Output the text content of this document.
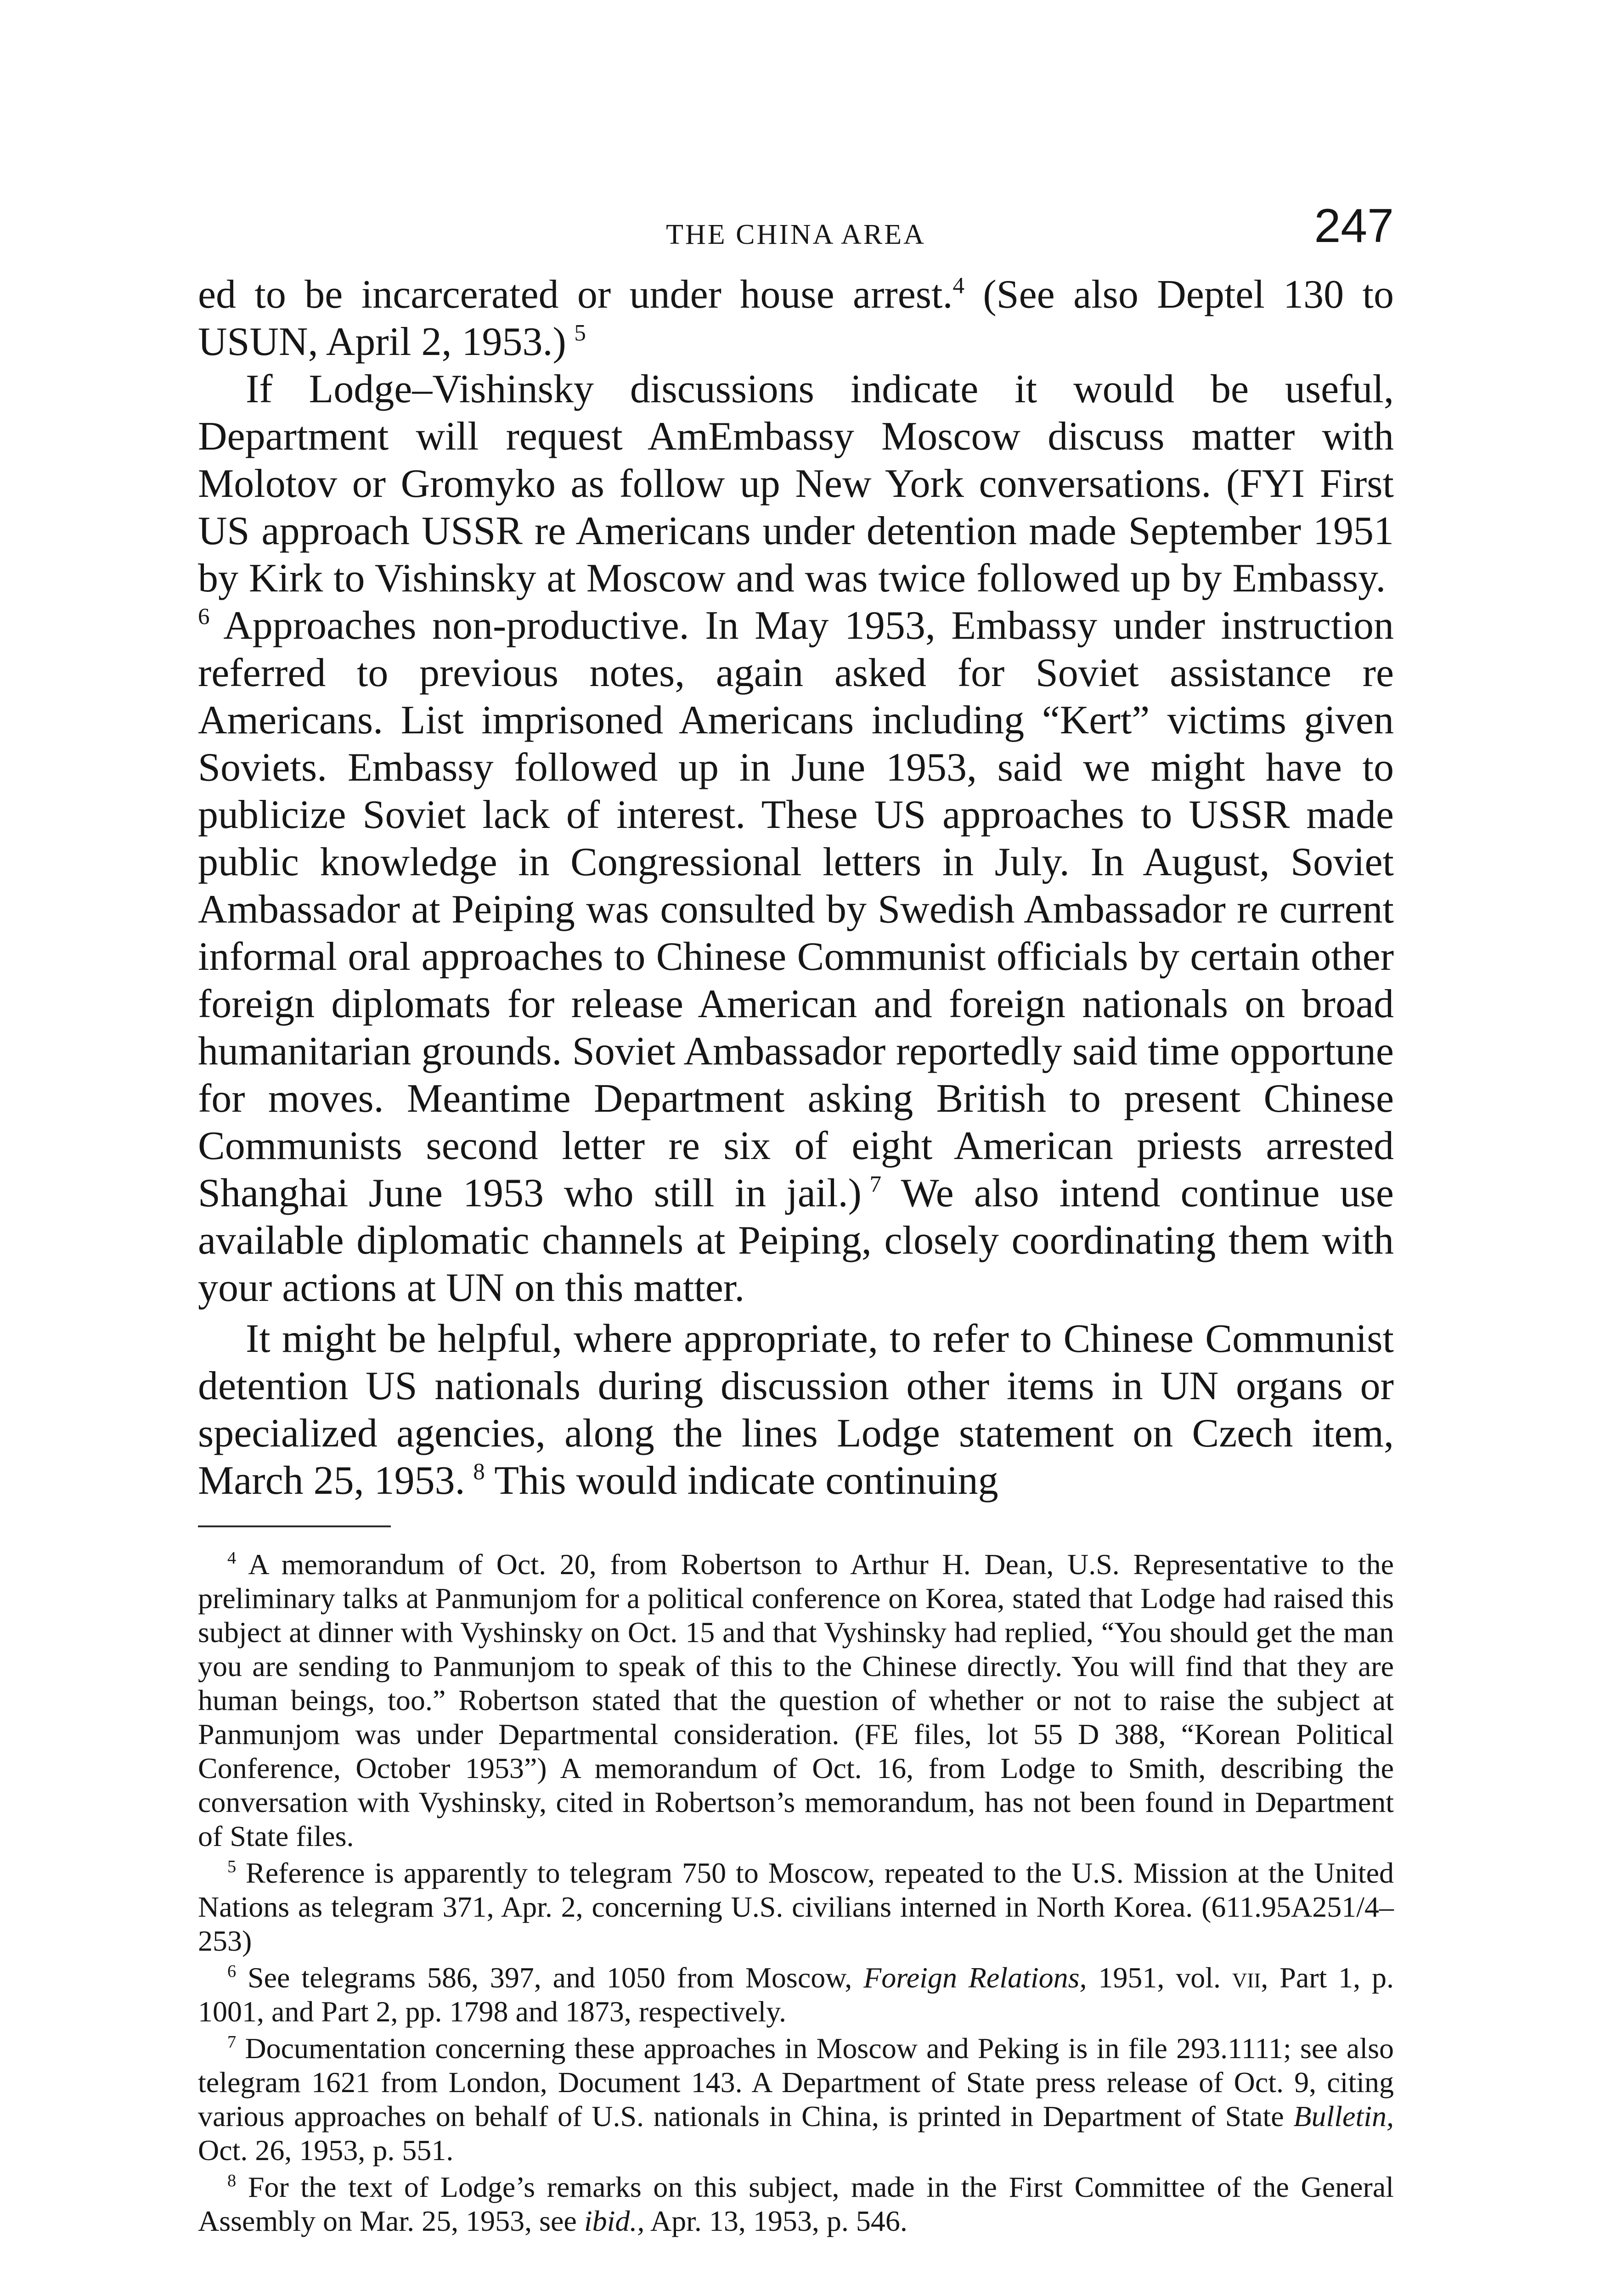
THE CHINA AREA	247

ed to be incarcerated or under house arrest.$^4$ (See also Deptel 130 to USUN, April 2, 1953.)  $^5$

If Lodge–Vishinsky discussions indicate it would be useful, Department will request AmEmbassy Moscow discuss matter with Molotov or Gromyko as follow up New York conversations. (FYI First US approach USSR re Americans under detention made September 1951 by Kirk to Vishinsky at Moscow and was twice followed up by Embassy. $^6$ Approaches non-productive. In May 1953, Embassy under instruction referred to previous notes, again asked for Soviet assistance re Americans. List imprisoned Americans including “Kert” victims given Soviets. Embassy followed up in June 1953, said we might have to publicize Soviet lack of interest. These US approaches to USSR made public knowledge in Congressional letters in July. In August, Soviet Ambassador at Peiping was consulted by Swedish Ambassador re current informal oral approaches to Chinese Communist officials by certain other foreign diplomats for release American and foreign nationals on broad humanitarian grounds. Soviet Ambassador reportedly said time opportune for moves. Meantime Department asking British to present Chinese Communists second letter re six of eight American priests arrested Shanghai June 1953 who still in jail.)  $^7$ We also intend continue use available diplomatic channels at Peiping, closely coordinating them with your actions at UN on this matter.

It might be helpful, where appropriate, to refer to Chinese Communist detention US nationals during discussion other items in UN organs or specialized agencies, along the lines Lodge statement on Czech item, March 25, 1953.  $^8$ This would indicate continuing

$^4$ A memorandum of Oct. 20, from Robertson to Arthur H. Dean, U.S. Representative to the preliminary talks at Panmunjom for a political conference on Korea, stated that Lodge had raised this subject at dinner with Vyshinsky on Oct. 15 and that Vyshinsky had replied, “You should get the man you are sending to Panmunjom to speak of this to the Chinese directly. You will find that they are human beings, too.” Robertson stated that the question of whether or not to raise the subject at Panmunjom was under Departmental consideration. (FE files, lot 55 D 388, “Korean Political Conference, October 1953”) A memorandum of Oct. 16, from Lodge to Smith, describing the conversation with Vyshinsky, cited in Robertson’s memorandum, has not been found in Department of State files.

$^5$ Reference is apparently to telegram 750 to Moscow, repeated to the U.S. Mission at the United Nations as telegram 371, Apr. 2, concerning U.S. civilians interned in North Korea. (611.95A251/4–253)

$^6$ See telegrams 586, 397, and 1050 from Moscow, Foreign Relations, 1951, vol. vii, Part 1, p. 1001, and Part 2, pp. 1798 and 1873, respectively.

$^7$ Documentation concerning these approaches in Moscow and Peking is in file 293.1111; see also telegram 1621 from London, Document 143. A Department of State press release of Oct. 9, citing various approaches on behalf of U.S. nationals in China, is printed in Department of State Bulletin, Oct. 26, 1953, p. 551.

$^8$ For the text of Lodge’s remarks on this subject, made in the First Committee of the General Assembly on Mar. 25, 1953, see ibid., Apr. 13, 1953, p. 546.
